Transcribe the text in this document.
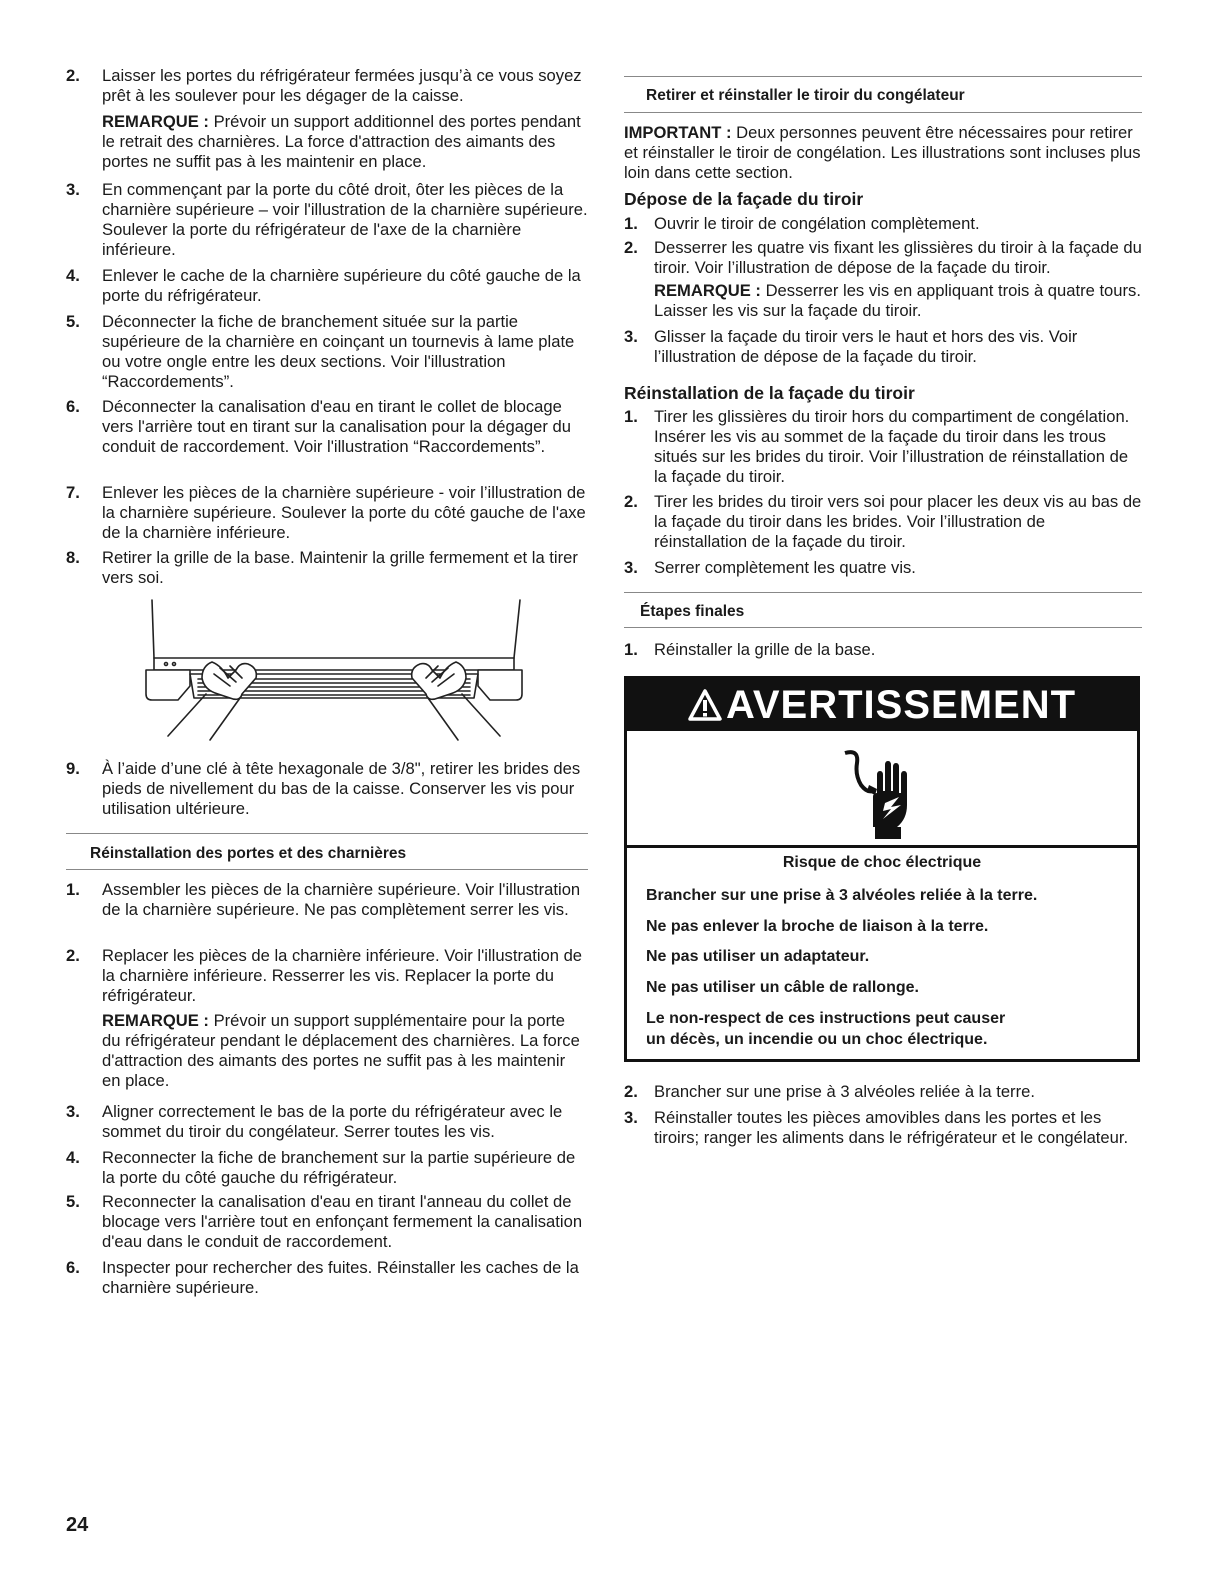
2.	Laisser les portes du réfrigérateur fermées jusqu’à ce vous soyez prêt à les soulever pour les dégager de la caisse.
REMARQUE : Prévoir un support additionnel des portes pendant le retrait des charnières. La force d'attraction des aimants des portes ne suffit pas à les maintenir en place.
3.	En commençant par la porte du côté droit, ôter les pièces de la charnière supérieure – voir l'illustration de la charnière supérieure. Soulever la porte du réfrigérateur de l'axe de la charnière inférieure.
4.	Enlever le cache de la charnière supérieure du côté gauche de la porte du réfrigérateur.
5.	Déconnecter la fiche de branchement située sur la partie supérieure de la charnière en coinçant un tournevis à lame plate ou votre ongle entre les deux sections. Voir l'illustration “Raccordements”.
6.	Déconnecter la canalisation d'eau en tirant le collet de blocage vers l'arrière tout en tirant sur la canalisation pour la dégager du conduit de raccordement. Voir l'illustration “Raccordements”.
7.	Enlever les pièces de la charnière supérieure - voir l’illustration de la charnière supérieure. Soulever la porte du côté gauche de l'axe de la charnière inférieure.
8.	Retirer la grille de la base. Maintenir la grille fermement et la tirer vers soi.
9.	À l’aide d’une clé à tête hexagonale de 3/8", retirer les brides des pieds de nivellement du bas de la caisse. Conserver les vis pour utilisation ultérieure.
Réinstallation des portes et des charnières
1.	Assembler les pièces de la charnière supérieure. Voir l'illustration de la charnière supérieure. Ne pas complètement serrer les vis.
2.	Replacer les pièces de la charnière inférieure. Voir l'illustration de la charnière inférieure. Resserrer les vis. Replacer la porte du réfrigérateur.
REMARQUE : Prévoir un support supplémentaire pour la porte du réfrigérateur pendant le déplacement des charnières. La force d'attraction des aimants des portes ne suffit pas à les maintenir en place.
3.	Aligner correctement le bas de la porte du réfrigérateur avec le sommet du tiroir du congélateur. Serrer toutes les vis.
4.	Reconnecter la fiche de branchement sur la partie supérieure de la porte du côté gauche du réfrigérateur.
5.	Reconnecter la canalisation d'eau en tirant l'anneau du collet de blocage vers l'arrière tout en enfonçant fermement la canalisation d'eau dans le conduit de raccordement.
6.	Inspecter pour rechercher des fuites. Réinstaller les caches de la charnière supérieure.
Retirer et réinstaller le tiroir du congélateur
IMPORTANT : Deux personnes peuvent être nécessaires pour retirer et réinstaller le tiroir de congélation. Les illustrations sont incluses plus loin dans cette section.
Dépose de la façade du tiroir
1. Ouvrir le tiroir de congélation complètement.
2. Desserrer les quatre vis fixant les glissières du tiroir à la façade du tiroir. Voir l’illustration de dépose de la façade du tiroir.
REMARQUE : Desserrer les vis en appliquant trois à quatre tours. Laisser les vis sur la façade du tiroir.
3. Glisser la façade du tiroir vers le haut et hors des vis. Voir l’illustration de dépose de la façade du tiroir.
Réinstallation de la façade du tiroir
1. Tirer les glissières du tiroir hors du compartiment de congélation. Insérer les vis au sommet de la façade du tiroir dans les trous situés sur les brides du tiroir. Voir l’illustration de réinstallation de la façade du tiroir.
2. Tirer les brides du tiroir vers soi pour placer les deux vis au bas de la façade du tiroir dans les brides. Voir l’illustration de réinstallation de la façade du tiroir.
3. Serrer complètement les quatre vis.
Étapes finales
1. Réinstaller la grille de la base.
2. Brancher sur une prise à 3 alvéoles reliée à la terre.
3. Réinstaller toutes les pièces amovibles dans les portes et les tiroirs; ranger les aliments dans le réfrigérateur et le congélateur.
AVERTISSEMENT
Risque de choc électrique
Brancher sur une prise à 3 alvéoles reliée à la terre.
Ne pas enlever la broche de liaison à la terre.
Ne pas utiliser un adaptateur.
Ne pas utiliser un câble de rallonge.
Le non-respect de ces instructions peut causer
un décès, un incendie ou un choc électrique.
24
